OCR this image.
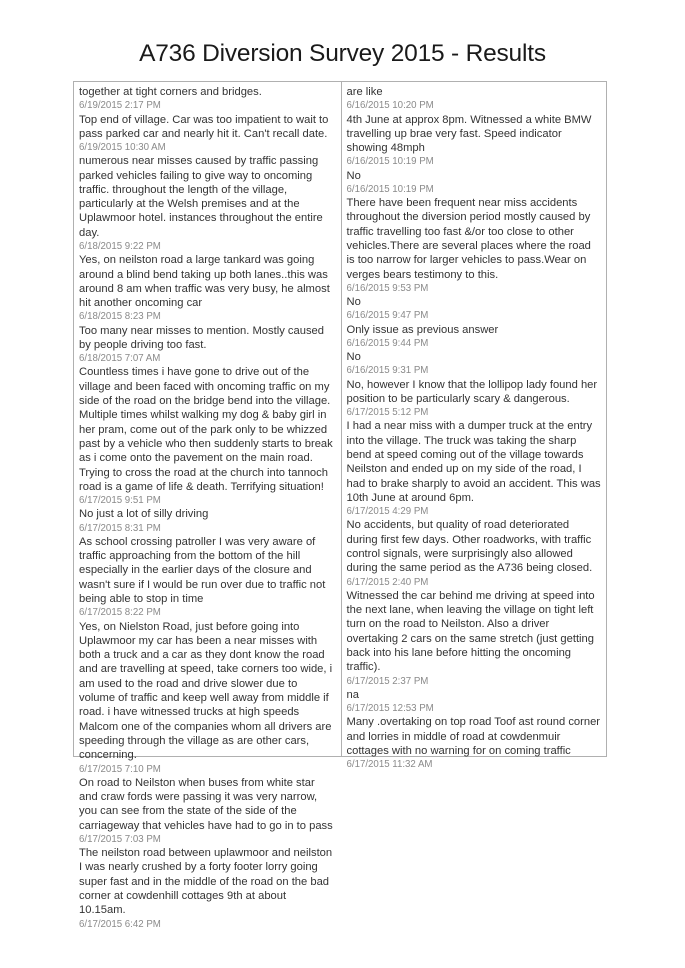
A736 Diversion Survey 2015 - Results

together at tight corners and bridges.

6/19/2015 2:17 PM

Top end of village. Car was too impatient to wait to pass parked car and nearly hit it. Can't recall date.

6/19/2015 10:30 AM

numerous near misses caused by traffic passing parked vehicles failing to give way to oncoming traffic. throughout the length of the village, particularly at the Welsh premises and at the Uplawmoor hotel. instances throughout the entire day.

6/18/2015 9:22 PM

Yes, on neilston road a large tankard was going around a blind bend taking up both lanes..this was around 8 am when traffic was very busy, he almost hit another oncoming car

6/18/2015 8:23 PM

Too many near misses to mention. Mostly caused by people driving too fast.

6/18/2015 7:07 AM

Countless times i have gone to drive out of the village and been faced with oncoming traffic on my side of the road on the bridge bend into the village. Multiple times whilst walking my dog & baby girl in her pram, come out of the park only to be whizzed past by a vehicle who then suddenly starts to break as i come onto the pavement on the main road. Trying to cross the road at the church into tannoch road is a game of life & death. Terrifying situation!

6/17/2015 9:51 PM

No just a lot of silly driving

6/17/2015 8:31 PM

As school crossing patroller I was very aware of traffic approaching from the bottom of the hill especially in the earlier days of the closure and wasn't sure if I would be run over due to traffic not being able to stop in time

6/17/2015 8:22 PM

Yes, on Nielston Road, just before going into Uplawmoor my car has been a near misses with both a truck and a car as they dont know the road and are travelling at speed, take corners too wide, i am used to the road and drive slower due to volume of traffic and keep well away from middle if road. i have witnessed trucks at high speeds Malcom one of the companies whom all drivers are speeding through the village as are other cars, concerning.

6/17/2015 7:10 PM

On road to Neilston when buses from white star and craw fords were passing it was very narrow, you can see from the state of the side of the carriageway that vehicles have had to go in to pass

6/17/2015 7:03 PM

The neilston road between uplawmoor and neilston I was nearly crushed by a forty footer lorry going super fast and in the middle of the road on the bad corner at cowdenhill cottages 9th at about 10.15am.

6/17/2015 6:42 PM

are like

6/16/2015 10:20 PM

4th June at approx 8pm. Witnessed a white BMW travelling up brae very fast. Speed indicator showing 48mph

6/16/2015 10:19 PM

No

6/16/2015 10:19 PM

There have been frequent near miss accidents throughout the diversion period mostly caused by traffic travelling too fast &/or too close to other vehicles.There are several places where the road is too narrow for larger vehicles to pass.Wear on verges bears testimony to this.

6/16/2015 9:53 PM

No

6/16/2015 9:47 PM

Only issue as previous answer

6/16/2015 9:44 PM

No

6/16/2015 9:31 PM

No, however I know that the lollipop lady found her position to be particularly scary & dangerous.

6/17/2015 5:12 PM

I had a near miss with a dumper truck at the entry into the village. The truck was taking the sharp bend at speed coming out of the village towards Neilston and ended up on my side of the road, I had to brake sharply to avoid an accident. This was 10th June at around 6pm.

6/17/2015 4:29 PM

No accidents, but quality of road deteriorated during first few days. Other roadworks, with traffic control signals, were surprisingly also allowed during the same period as the A736 being closed.

6/17/2015 2:40 PM

Witnessed the car behind me driving at speed into the next lane, when leaving the village on tight left turn on the road to Neilston. Also a driver overtaking 2 cars on the same stretch (just getting back into his lane before hitting the oncoming traffic).

6/17/2015 2:37 PM

na

6/17/2015 12:53 PM

Many .overtaking on top road Toof ast round corner and lorries in middle of road at cowdenmuir cottages with no warning for on coming traffic

6/17/2015 11:32 AM
